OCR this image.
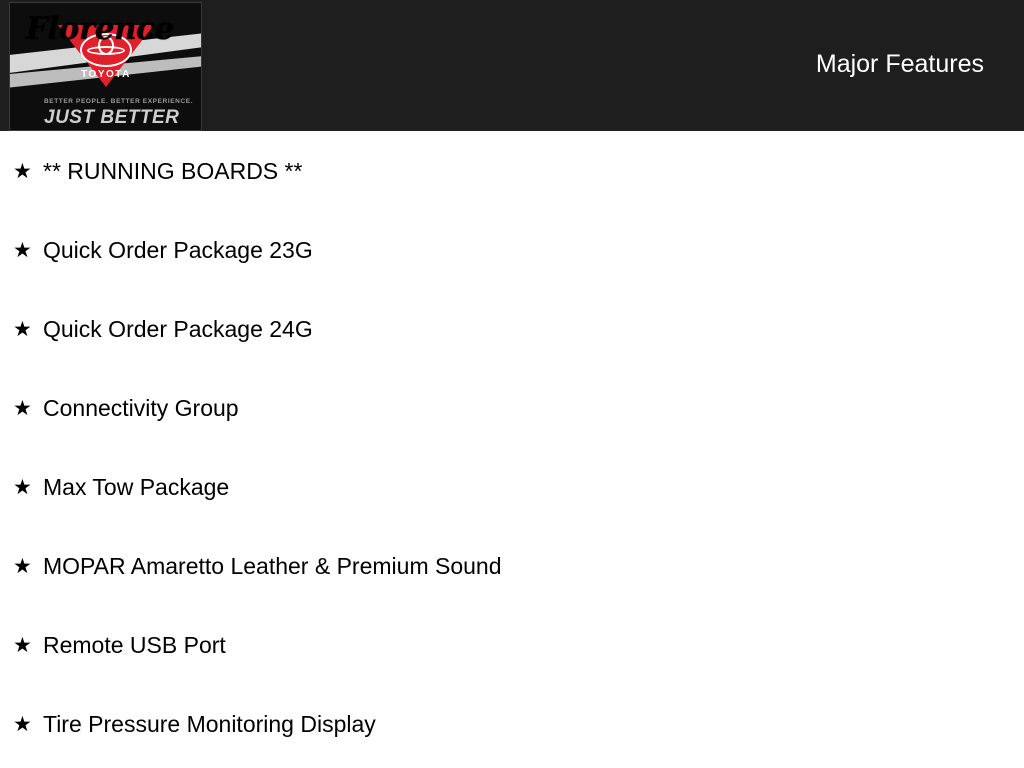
Florence
TOYOTA
BETTER PEOPLE. BETTER EXPERIENCE.
JUST BETTER
Major Features
★ ** RUNNING BOARDS **
★ Quick Order Package 23G
★ Quick Order Package 24G
★ Connectivity Group
★ Max Tow Package
★ MOPAR Amaretto Leather & Premium Sound
★ Remote USB Port
★ Tire Pressure Monitoring Display
